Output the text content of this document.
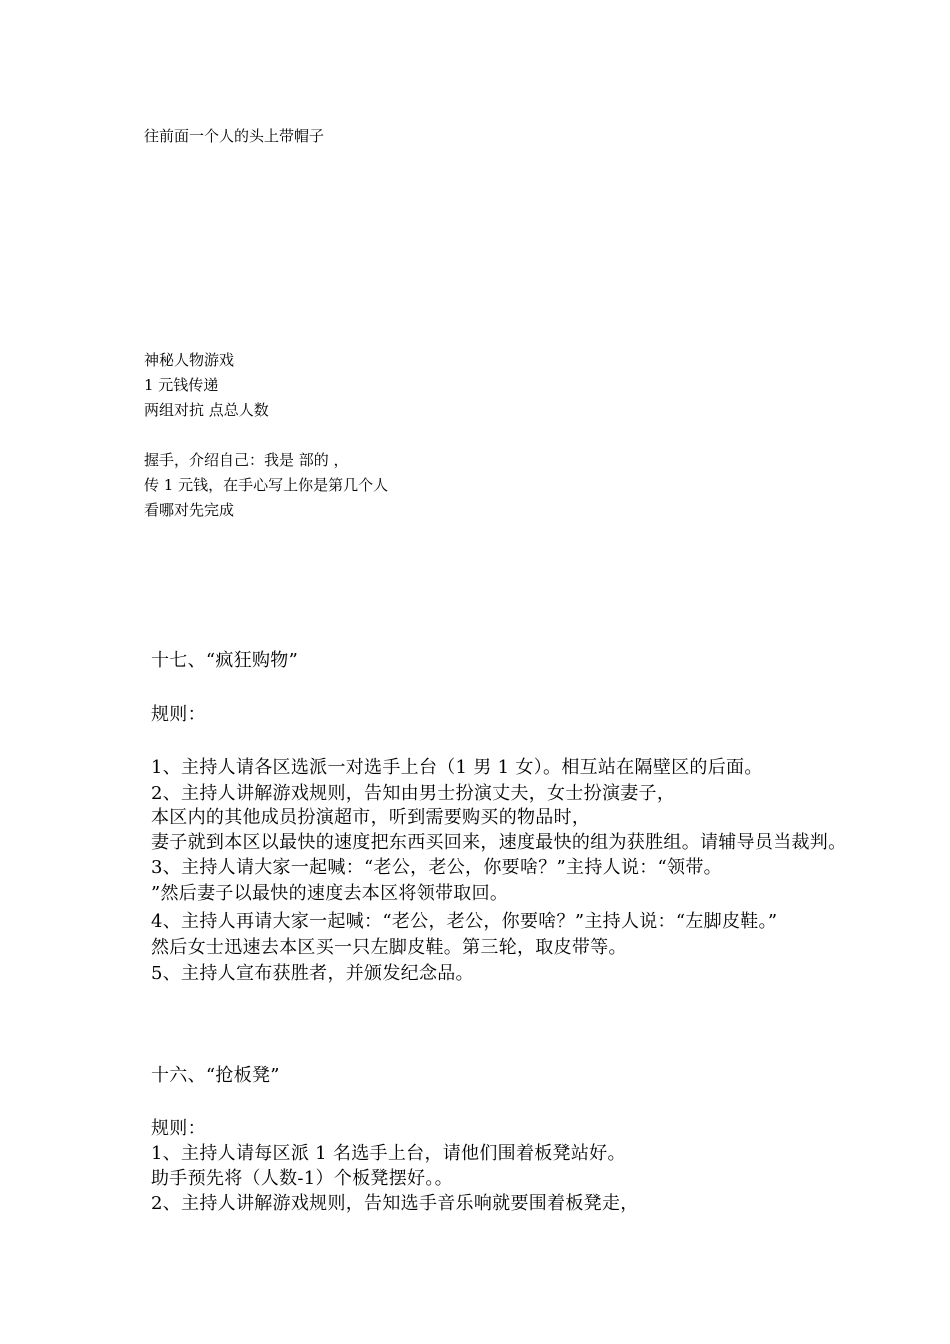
往前面一个人的头上带帽子
神秘人物游戏
1 元钱传递
两组对抗 点总人数
握手，介绍自己：我是 部的 ，
传 1 元钱，在手心写上你是第几个人
看哪对先完成
十七、“疯狂购物”
规则：
1、主持人请各区选派一对选手上台（1 男 1 女）。相互站在隔壁区的后面。
2、主持人讲解游戏规则，告知由男士扮演丈夫，女士扮演妻子，
本区内的其他成员扮演超市，听到需要购买的物品时，
妻子就到本区以最快的速度把东西买回来，速度最快的组为获胜组。请辅导员当裁判。
3、主持人请大家一起喊：“老公，老公，你要啥？”主持人说：“领带。
”然后妻子以最快的速度去本区将领带取回。
4、主持人再请大家一起喊：“老公，老公，你要啥？”主持人说：“左脚皮鞋。”
然后女士迅速去本区买一只左脚皮鞋。第三轮，取皮带等。
5、主持人宣布获胜者，并颁发纪念品。
十六、“抢板凳”
规则：
1、主持人请每区派 1 名选手上台，请他们围着板凳站好。
助手预先将（人数-1）个板凳摆好。。
2、主持人讲解游戏规则，告知选手音乐响就要围着板凳走，
